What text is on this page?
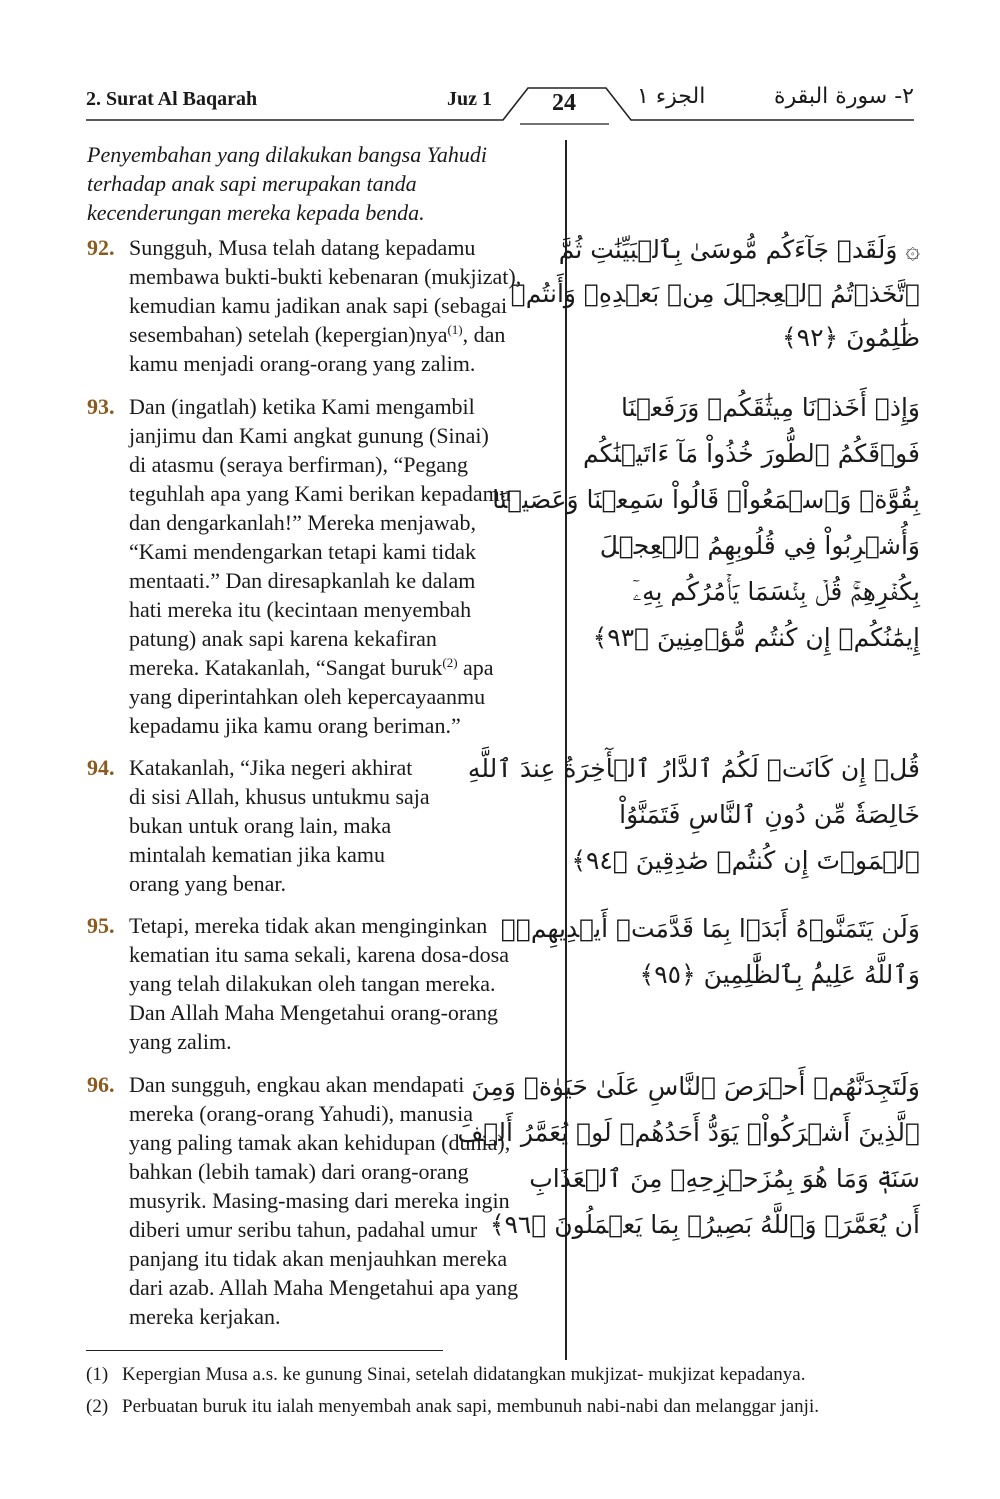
2. Surat Al Baqarah	Juz 1	24	الجزء ١	٢- سورة البقرة
Penyembahan yang dilakukan bangsa Yahudi
terhadap anak sapi merupakan tanda
kecenderungan mereka kepada benda.
92. Sungguh, Musa telah datang kepadamu
membawa bukti-bukti kebenaran (mukjizat),
kemudian kamu jadikan anak sapi (sebagai
sesembahan) setelah (kepergian)nya$^{(1)}$, dan
kamu menjadi orang-orang yang zalim.
93. Dan (ingatlah) ketika Kami mengambil
janjimu dan Kami angkat gunung (Sinai)
di atasmu (seraya berfirman), “Pegang
teguhlah apa yang Kami berikan kepadamu
dan dengarkanlah!” Mereka menjawab,
“Kami mendengarkan tetapi kami tidak
mentaati.” Dan diresapkanlah ke dalam
hati mereka itu (kecintaan menyembah
patung) anak sapi karena kekafiran
mereka. Katakanlah, “Sangat buruk$^{(2)}$ apa
yang diperintahkan oleh kepercayaanmu
kepadamu jika kamu orang beriman.”
94. Katakanlah, “Jika negeri akhirat
di sisi Allah, khusus untukmu saja
bukan untuk orang lain, maka
mintalah kematian jika kamu
orang yang benar.
95. Tetapi, mereka tidak akan menginginkan
kematian itu sama sekali, karena dosa-dosa
yang telah dilakukan oleh tangan mereka.
Dan Allah Maha Mengetahui orang-orang
yang zalim.
96. Dan sungguh, engkau akan mendapati
mereka (orang-orang Yahudi), manusia
yang paling tamak akan kehidupan (dunia),
bahkan (lebih tamak) dari orang-orang
musyrik. Masing-masing dari mereka ingin
diberi umur seribu tahun, padahal umur
panjang itu tidak akan menjauhkan mereka
dari azab. Allah Maha Mengetahui apa yang
mereka kerjakan.
۞ وَلَقَدۡ جَآءَكُم مُّوسَىٰ بِٱلۡبَيِّنَٰتِ ثُمَّ
ٱتَّخَذۡتُمُ ٱلۡعِجۡلَ مِنۢ بَعۡدِهِۦ وَأَنتُمۡ
ظَٰلِمُونَ ﴿٩٢﴾
وَإِذۡ أَخَذۡنَا مِيثَٰقَكُمۡ وَرَفَعۡنَا
فَوۡقَكُمُ ٱلطُّورَ خُذُواْ مَآ ءَاتَيۡنَٰكُم
بِقُوَّةٖ وَٱسۡمَعُواْۖ قَالُواْ سَمِعۡنَا وَعَصَيۡنَا
وَأُشۡرِبُواْ فِي قُلُوبِهِمُ ٱلۡعِجۡلَ
بِكُفۡرِهِمۡۚ قُلۡ بِئۡسَمَا يَأۡمُرُكُم بِهِۦٓ
إِيمَٰنُكُمۡ إِن كُنتُم مُّؤۡمِنِينَ ﴿٩٣﴾
قُلۡ إِن كَانَتۡ لَكُمُ ٱلدَّارُ ٱلۡأٓخِرَةُ عِندَ ٱللَّهِ
خَالِصَةٗ مِّن دُونِ ٱلنَّاسِ فَتَمَنَّوُاْ
ٱلۡمَوۡتَ إِن كُنتُمۡ صَٰدِقِينَ ﴿٩٤﴾
وَلَن يَتَمَنَّوۡهُ أَبَدَۢا بِمَا قَدَّمَتۡ أَيۡدِيهِمۡۚ
وَٱللَّهُ عَلِيمُۢ بِٱلظَّٰلِمِينَ ﴿٩٥﴾
وَلَتَجِدَنَّهُمۡ أَحۡرَصَ ٱلنَّاسِ عَلَىٰ حَيَوٰةٖ وَمِنَ
ٱلَّذِينَ أَشۡرَكُواْۚ يَوَدُّ أَحَدُهُمۡ لَوۡ يُعَمَّرُ أَلۡفَ
سَنَةٖ وَمَا هُوَ بِمُزَحۡزِحِهِۦ مِنَ ٱلۡعَذَابِ
أَن يُعَمَّرَۗ وَٱللَّهُ بَصِيرُۢ بِمَا يَعۡمَلُونَ ﴿٩٦﴾
(1) Kepergian Musa a.s. ke gunung Sinai, setelah didatangkan mukjizat- mukjizat kepadanya.
(2) Perbuatan buruk itu ialah menyembah anak sapi, membunuh nabi-nabi dan melanggar janji.
